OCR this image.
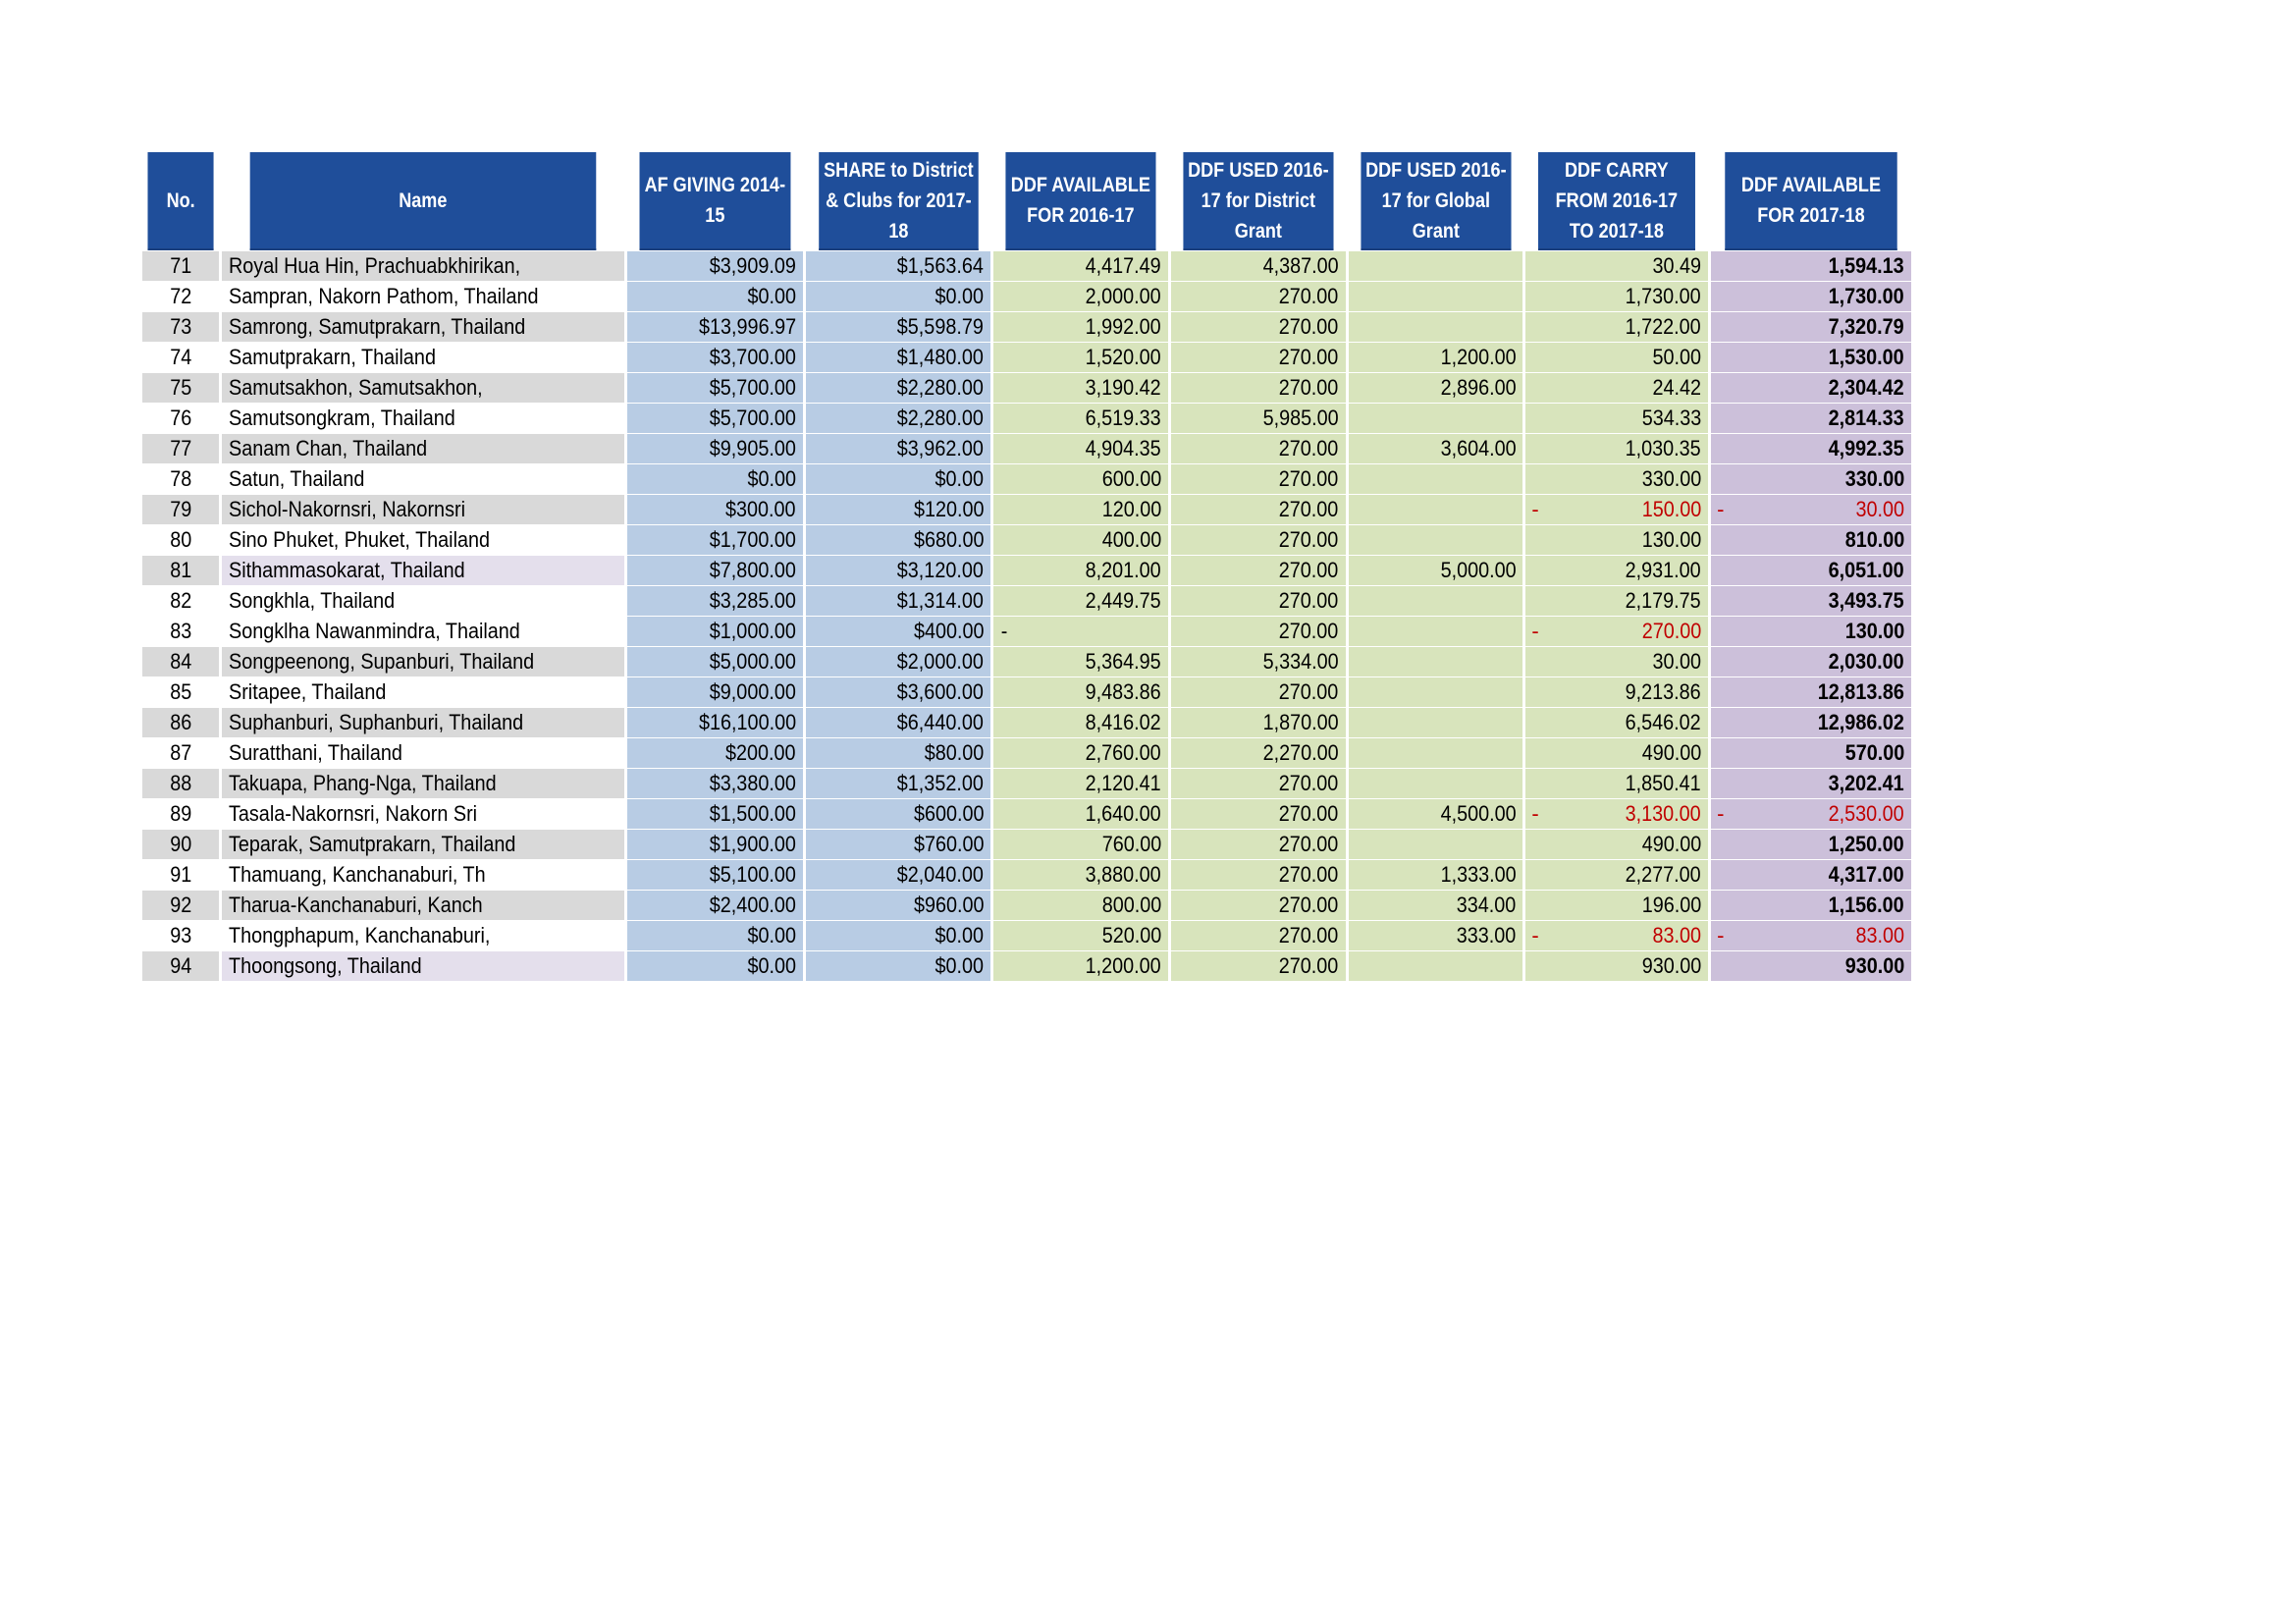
No.	Name	AF GIVING 2014-15	SHARE to District & Clubs for 2017-18	DDF AVAILABLE FOR 2016-17	DDF USED 2016-17 for District Grant	DDF USED 2016-17 for Global Grant	DDF CARRY FROM 2016-17 TO 2017-18	DDF AVAILABLE FOR 2017-18
71	Royal Hua Hin, Prachuabkhirikan,	$3,909.09	$1,563.64	4,417.49	4,387.00		30.49	1,594.13
72	Sampran, Nakorn Pathom, Thailand	$0.00	$0.00	2,000.00	270.00		1,730.00	1,730.00
73	Samrong, Samutprakarn, Thailand	$13,996.97	$5,598.79	1,992.00	270.00		1,722.00	7,320.79
74	Samutprakarn, Thailand	$3,700.00	$1,480.00	1,520.00	270.00	1,200.00	50.00	1,530.00
75	Samutsakhon, Samutsakhon,	$5,700.00	$2,280.00	3,190.42	270.00	2,896.00	24.42	2,304.42
76	Samutsongkram, Thailand	$5,700.00	$2,280.00	6,519.33	5,985.00		534.33	2,814.33
77	Sanam Chan, Thailand	$9,905.00	$3,962.00	4,904.35	270.00	3,604.00	1,030.35	4,992.35
78	Satun, Thailand	$0.00	$0.00	600.00	270.00		330.00	330.00
79	Sichol-Nakornsri, Nakornsri	$300.00	$120.00	120.00	270.00		- 150.00	- 30.00
80	Sino Phuket, Phuket, Thailand	$1,700.00	$680.00	400.00	270.00		130.00	810.00
81	Sithammasokarat, Thailand	$7,800.00	$3,120.00	8,201.00	270.00	5,000.00	2,931.00	6,051.00
82	Songkhla, Thailand	$3,285.00	$1,314.00	2,449.75	270.00		2,179.75	3,493.75
83	Songklha Nawanmindra, Thailand	$1,000.00	$400.00	-	270.00		- 270.00	130.00
84	Songpeenong, Supanburi, Thailand	$5,000.00	$2,000.00	5,364.95	5,334.00		30.00	2,030.00
85	Sritapee, Thailand	$9,000.00	$3,600.00	9,483.86	270.00		9,213.86	12,813.86
86	Suphanburi, Suphanburi, Thailand	$16,100.00	$6,440.00	8,416.02	1,870.00		6,546.02	12,986.02
87	Suratthani, Thailand	$200.00	$80.00	2,760.00	2,270.00		490.00	570.00
88	Takuapa, Phang-Nga, Thailand	$3,380.00	$1,352.00	2,120.41	270.00		1,850.41	3,202.41
89	Tasala-Nakornsri, Nakorn Sri	$1,500.00	$600.00	1,640.00	270.00	4,500.00	- 3,130.00	- 2,530.00
90	Teparak, Samutprakarn, Thailand	$1,900.00	$760.00	760.00	270.00		490.00	1,250.00
91	Thamuang, Kanchanaburi, Th	$5,100.00	$2,040.00	3,880.00	270.00	1,333.00	2,277.00	4,317.00
92	Tharua-Kanchanaburi, Kanch	$2,400.00	$960.00	800.00	270.00	334.00	196.00	1,156.00
93	Thongphapum, Kanchanaburi,	$0.00	$0.00	520.00	270.00	333.00	- 83.00	- 83.00
94	Thoongsong, Thailand	$0.00	$0.00	1,200.00	270.00		930.00	930.00
